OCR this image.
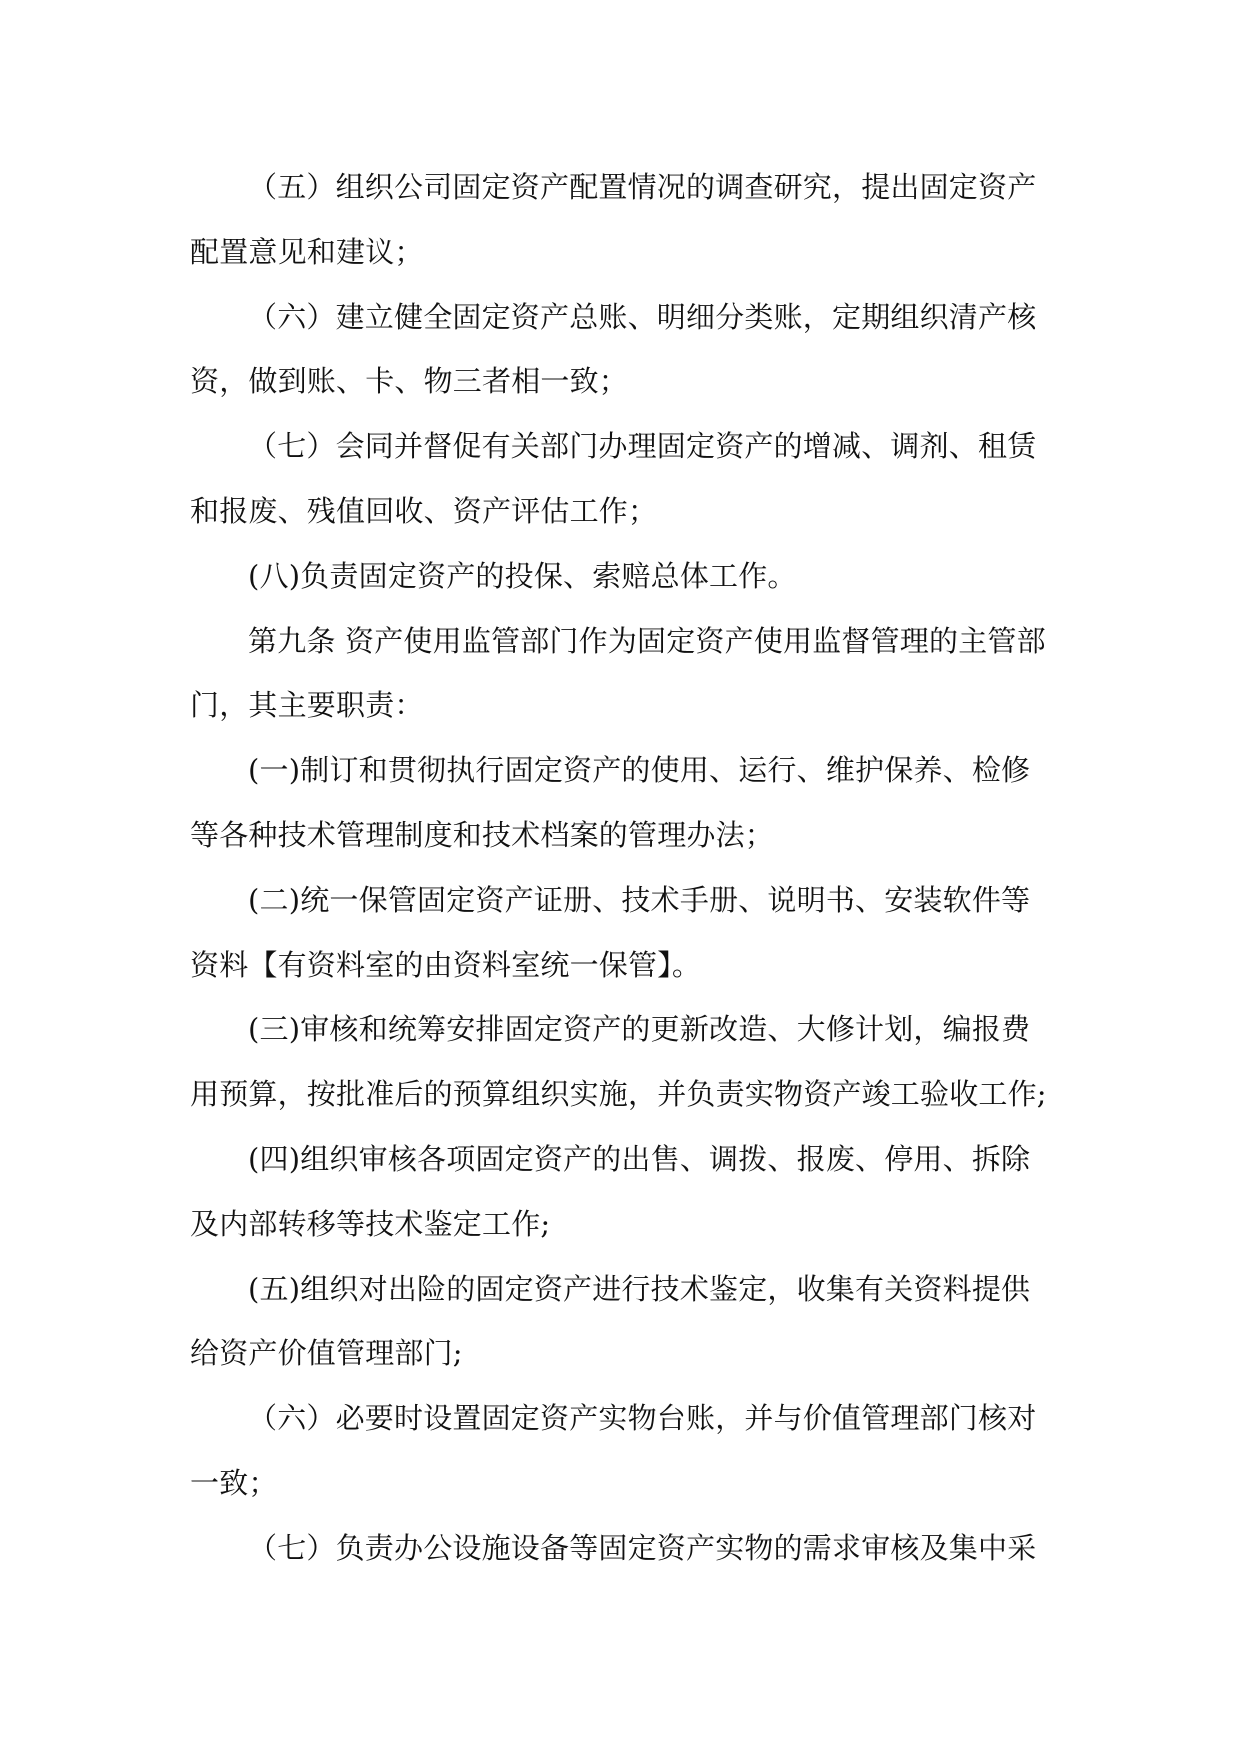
（五）组织公司固定资产配置情况的调查研究，提出固定资产配置意见和建议；

（六）建立健全固定资产总账、明细分类账，定期组织清产核资，做到账、卡、物三者相一致；

（七）会同并督促有关部门办理固定资产的增减、调剂、租赁和报废、残值回收、资产评估工作；

(八)负责固定资产的投保、索赔总体工作。

第九条 资产使用监管部门作为固定资产使用监督管理的主管部门，其主要职责：

(一)制订和贯彻执行固定资产的使用、运行、维护保养、检修等各种技术管理制度和技术档案的管理办法；

(二)统一保管固定资产证册、技术手册、说明书、安装软件等资料【有资料室的由资料室统一保管】。

(三)审核和统筹安排固定资产的更新改造、大修计划，编报费用预算，按批准后的预算组织实施，并负责实物资产竣工验收工作;

(四)组织审核各项固定资产的出售、调拨、报废、停用、拆除及内部转移等技术鉴定工作;

(五)组织对出险的固定资产进行技术鉴定，收集有关资料提供给资产价值管理部门;

（六）必要时设置固定资产实物台账，并与价值管理部门核对一致；

（七）负责办公设施设备等固定资产实物的需求审核及集中采
